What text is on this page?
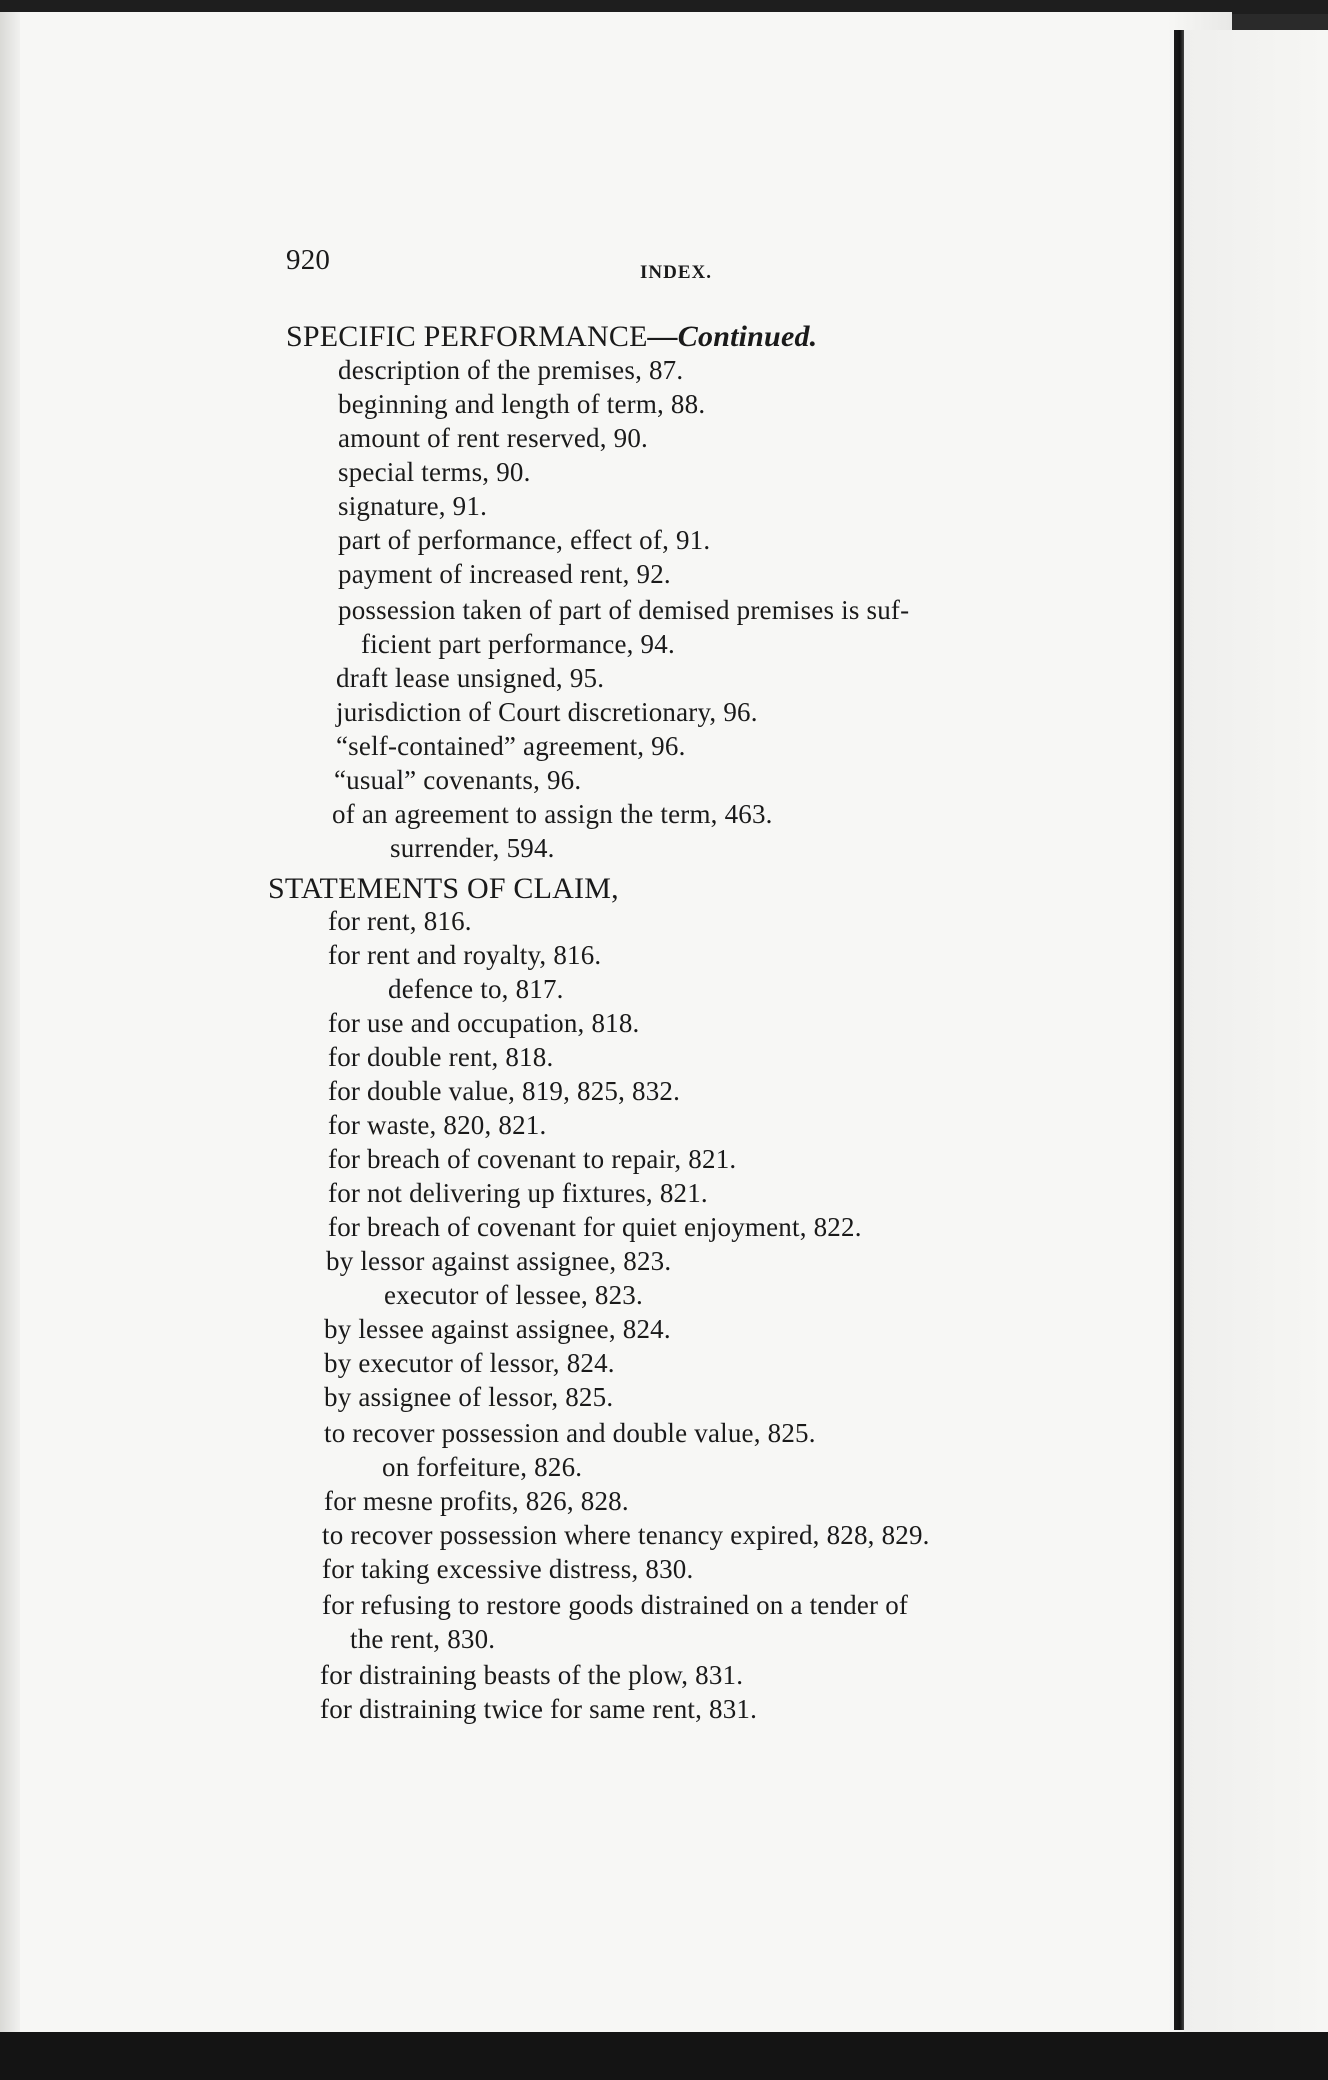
920	INDEX.
SPECIFIC PERFORMANCE—Continued.
description of the premises, 87.
beginning and length of term, 88.
amount of rent reserved, 90.
special terms, 90.
signature, 91.
part of performance, effect of, 91.
payment of increased rent, 92.
possession taken of part of demised premises is suf-
ficient part performance, 94.
draft lease unsigned, 95.
jurisdiction of Court discretionary, 96.
“self-contained” agreement, 96.
“usual” covenants, 96.
of an agreement to assign the term, 463.
surrender, 594.
STATEMENTS OF CLAIM,
for rent, 816.
for rent and royalty, 816.
defence to, 817.
for use and occupation, 818.
for double rent, 818.
for double value, 819, 825, 832.
for waste, 820, 821.
for breach of covenant to repair, 821.
for not delivering up fixtures, 821.
for breach of covenant for quiet enjoyment, 822.
by lessor against assignee, 823.
executor of lessee, 823.
by lessee against assignee, 824.
by executor of lessor, 824.
by assignee of lessor, 825.
to recover possession and double value, 825.
on forfeiture, 826.
for mesne profits, 826, 828.
to recover possession where tenancy expired, 828, 829.
for taking excessive distress, 830.
for refusing to restore goods distrained on a tender of
the rent, 830.
for distraining beasts of the plow, 831.
for distraining twice for same rent, 831.
